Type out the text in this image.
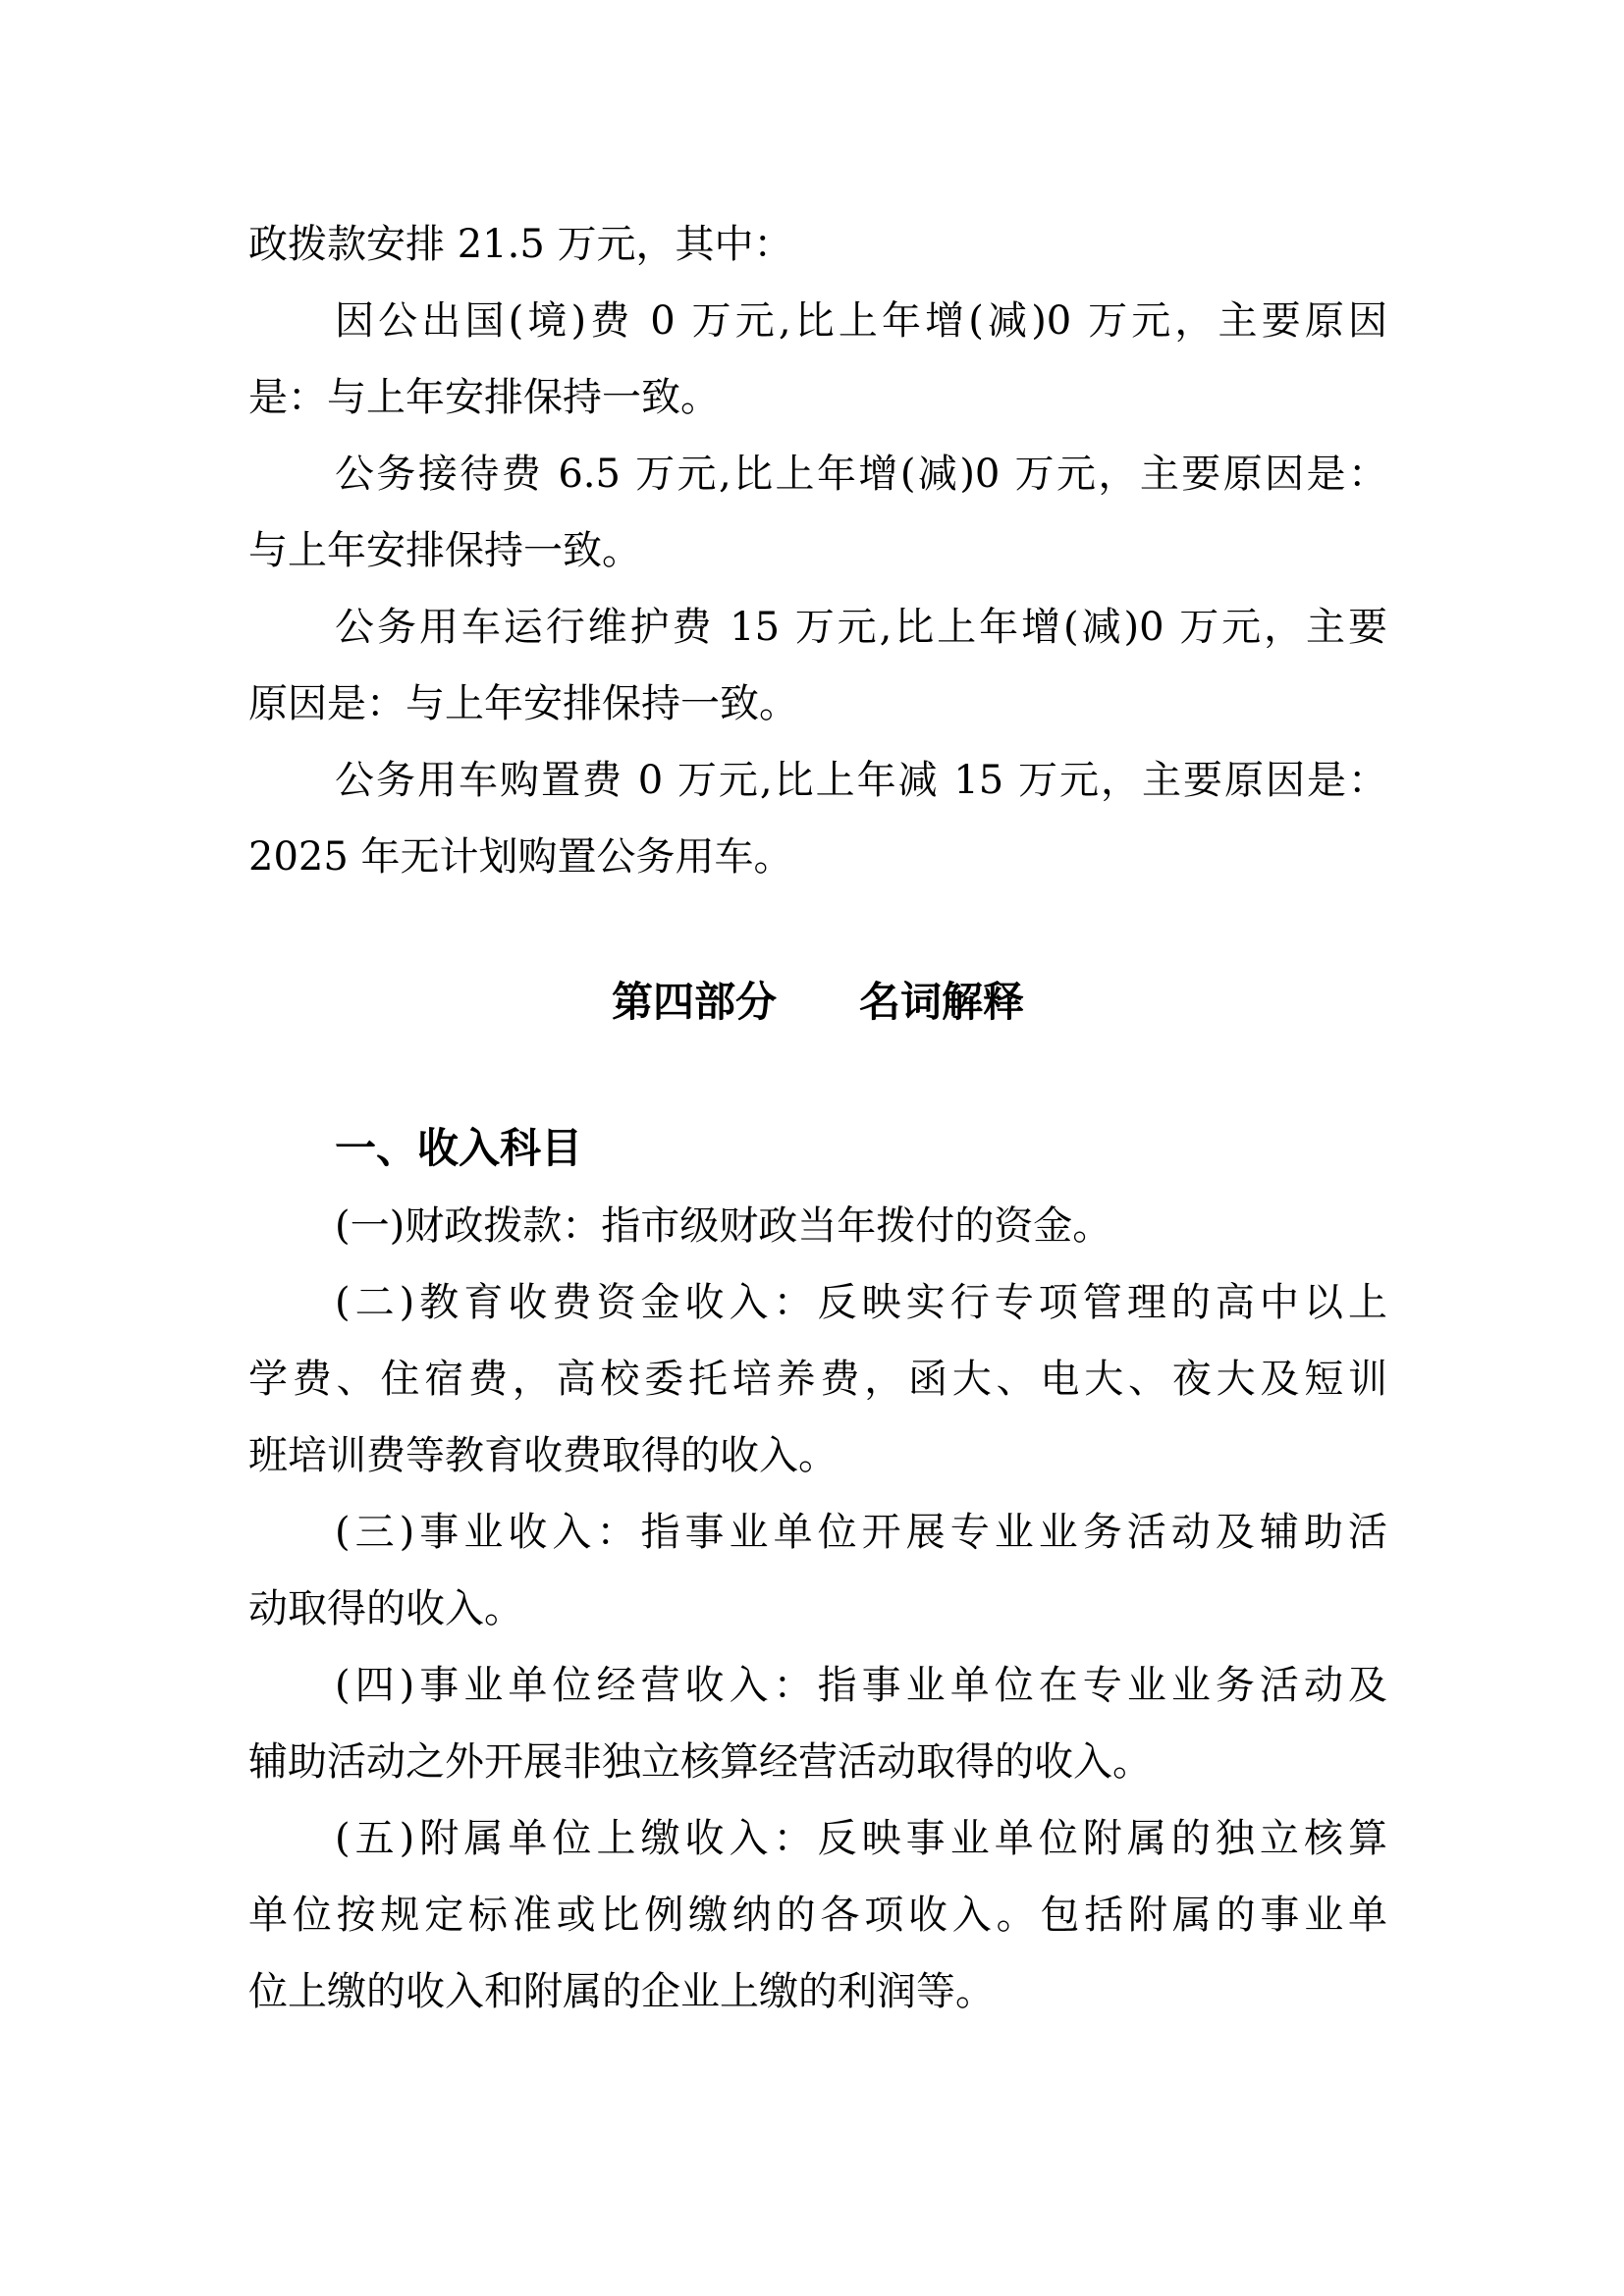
政拨款安排 21.5 万元，其中：
因公出国(境)费 0 万元,比上年增(减)0 万元，主要原因
是：与上年安排保持一致。
公务接待费 6.5 万元,比上年增(减)0 万元，主要原因是：
与上年安排保持一致。
公务用车运行维护费 15 万元,比上年增(减)0 万元，主要
原因是：与上年安排保持一致。
公务用车购置费 0 万元,比上年减 15 万元，主要原因是：
2025 年无计划购置公务用车。
第四部分　　名词解释
一、收入科目
(一)财政拨款：指市级财政当年拨付的资金。
(二)教育收费资金收入：反映实行专项管理的高中以上
学费、住宿费，高校委托培养费，函大、电大、夜大及短训
班培训费等教育收费取得的收入。
(三)事业收入：指事业单位开展专业业务活动及辅助活
动取得的收入。
(四)事业单位经营收入：指事业单位在专业业务活动及
辅助活动之外开展非独立核算经营活动取得的收入。
(五)附属单位上缴收入：反映事业单位附属的独立核算
单位按规定标准或比例缴纳的各项收入。包括附属的事业单
位上缴的收入和附属的企业上缴的利润等。
